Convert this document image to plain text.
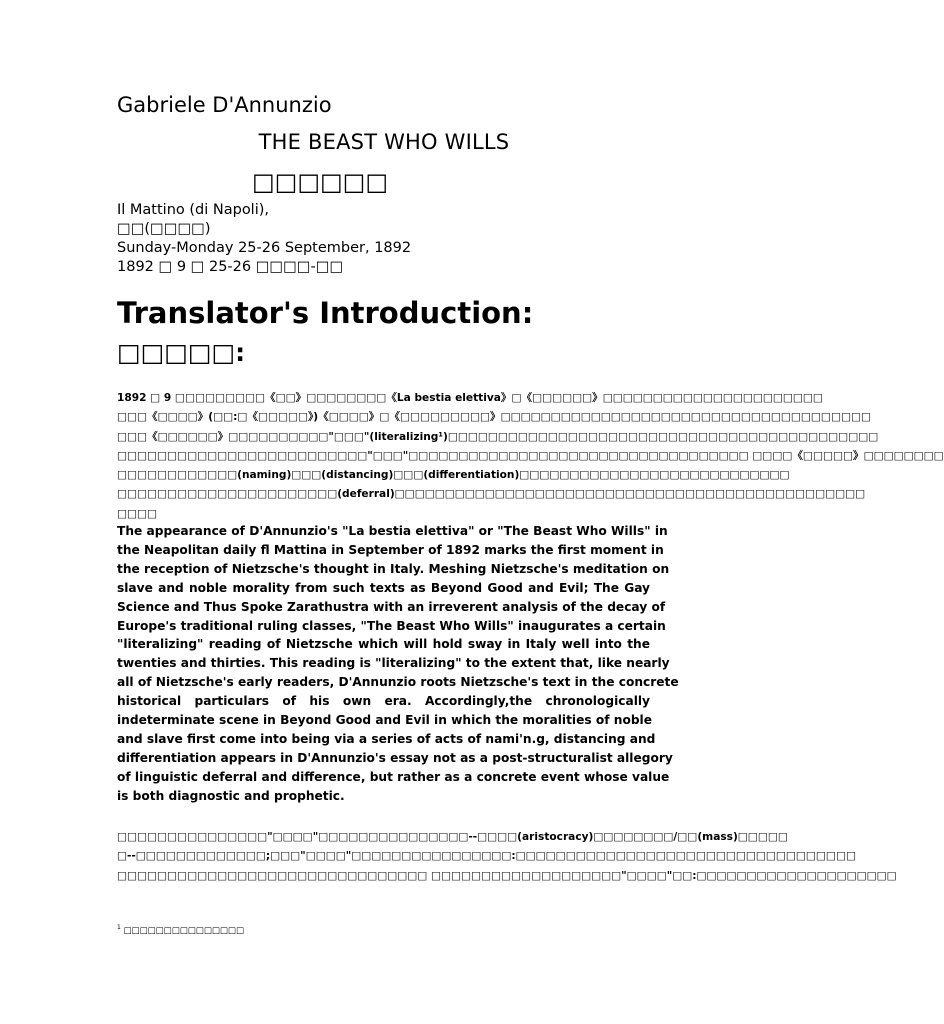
Gabriele D'Annunzio
THE BEAST WHO WILLS
□□□□□□
Il Mattino (di Napoli),
□□(□□□□)
Sunday-Monday 25-26 September, 1892
1892 □ 9 □ 25-26 □□□□-□□
Translator's Introduction:
□□□□□:
1892 □ 9 □□□□□□□□□《□□》□□□□□□□□《La bestia elettiva》□《□□□□□□》□□□□□□□□□□□□□□□□□□□□□□
□□□《□□□□》(□□:□《□□□□□》)《□□□□》□《□□□□□□□□□》□□□□□□□□□□□□□□□□□□□□□□□□□□□□□□□□□□□□□
□□□《□□□□□□》□□□□□□□□□□"□□□"(literalizing¹)□□□□□□□□□□□□□□□□□□□□□□□□□□□□□□□□□□□□□□□□□□□
□□□□□□□□□□□□□□□□□□□□□□□□□"□□□"□□□□□□□□□□□□□□□□□□□□□□□□□□□□□□□□□□ □□□□《□□□□□》□□□□□□□□
□□□□□□□□□□□□(naming)□□□(distancing)□□□(differentiation)□□□□□□□□□□□□□□□□□□□□□□□□□□□
□□□□□□□□□□□□□□□□□□□□□□(deferral)□□□□□□□□□□□□□□□□□□□□□□□□□□□□□□□□□□□□□□□□□□□□□□□
□□□□
The appearance of D'Annunzio's "La bestia elettiva" or "The Beast Who Wills" in
the Neapolitan daily fl Mattina in September of 1892 marks the first moment in
the reception of Nietzsche's thought in Italy. Meshing Nietzsche's meditation on
slave and noble morality from such texts as Beyond Good and Evil; The Gay
Science and Thus Spoke Zarathustra with an irreverent analysis of the decay of
Europe's traditional ruling classes, "The Beast Who Wills" inaugurates a certain
"literalizing" reading of Nietzsche which will hold sway in Italy well into the
twenties and thirties. This reading is "literalizing" to the extent that, like nearly
all of Nietzsche's early readers, D'Annunzio roots Nietzsche's text in the concrete
historical particulars of his own era. Accordingly,the chronologically
indeterminate scene in Beyond Good and Evil in which the moralities of noble
and slave first come into being via a series of acts of nami'n.g, distancing and
differentiation appears in D'Annunzio's essay not as a post-structuralist allegory
of linguistic deferral and difference, but rather as a concrete event whose value
is both diagnostic and prophetic.
□□□□□□□□□□□□□□□"□□□□"□□□□□□□□□□□□□□□--□□□□(aristocracy)□□□□□□□□/□□(mass)□□□□□
□--□□□□□□□□□□□□□;□□□"□□□□"□□□□□□□□□□□□□□□□:□□□□□□□□□□□□□□□□□□□□□□□□□□□□□□□□□□
□□□□□□□□□□□□□□□□□□□□□□□□□□□□□□□ □□□□□□□□□□□□□□□□□□□"□□□□"□□:□□□□□□□□□□□□□□□□□□□□
$^1$ □□□□□□□□□□□□□□□
